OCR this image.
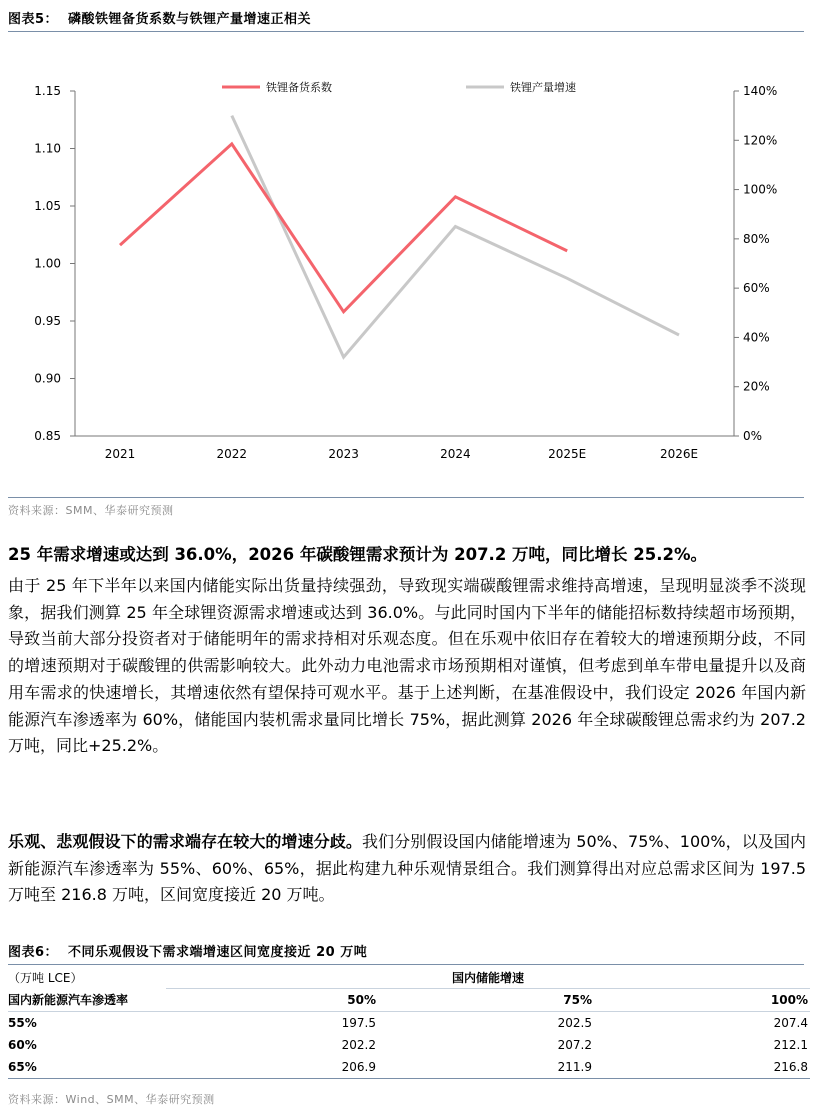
图表5： 磷酸铁锂备货系数与铁锂产量增速正相关
0.85
0.90
0.95
1.00
1.05
1.10
1.15
0%
20%
40%
60%
80%
100%
120%
140%
2021	2022	2023	2024	2025E	2026E
铁锂备货系数	铁锂产量增速
资料来源：SMM、华泰研究预测
25 年需求增速或达到 36.0%，2026 年碳酸锂需求预计为 207.2 万吨，同比增长 25.2%。
由于 25 年下半年以来国内储能实际出货量持续强劲，导致现实端碳酸锂需求维持高增速，呈现明显淡季不淡现象，据我们测算 25 年全球锂资源需求增速或达到 36.0%。与此同时国内下半年的储能招标数持续超市场预期，导致当前大部分投资者对于储能明年的需求持相对乐观态度。但在乐观中依旧存在着较大的增速预期分歧，不同的增速预期对于碳酸锂的供需影响较大。此外动力电池需求市场预期相对谨慎，但考虑到单车带电量提升以及商用车需求的快速增长，其增速依然有望保持可观水平。基于上述判断，在基准假设中，我们设定 2026 年国内新能源汽车渗透率为 60%，储能国内装机需求量同比增长 75%，据此测算 2026 年全球碳酸锂总需求约为 207.2 万吨，同比+25.2%。
乐观、悲观假设下的需求端存在较大的增速分歧。我们分别假设国内储能增速为 50%、75%、100%，以及国内新能源汽车渗透率为 55%、60%、65%，据此构建九种乐观情景组合。我们测算得出对应总需求区间为 197.5 万吨至 216.8 万吨，区间宽度接近 20 万吨。
图表6： 不同乐观假设下需求端增速区间宽度接近 20 万吨
（万吨 LCE）	国内储能增速		
国内新能源汽车渗透率	50%	75%	100%
55%	197.5	202.5	207.4
60%	202.2	207.2	212.1
65%	206.9	211.9	216.8
资料来源：Wind、SMM、华泰研究预测
